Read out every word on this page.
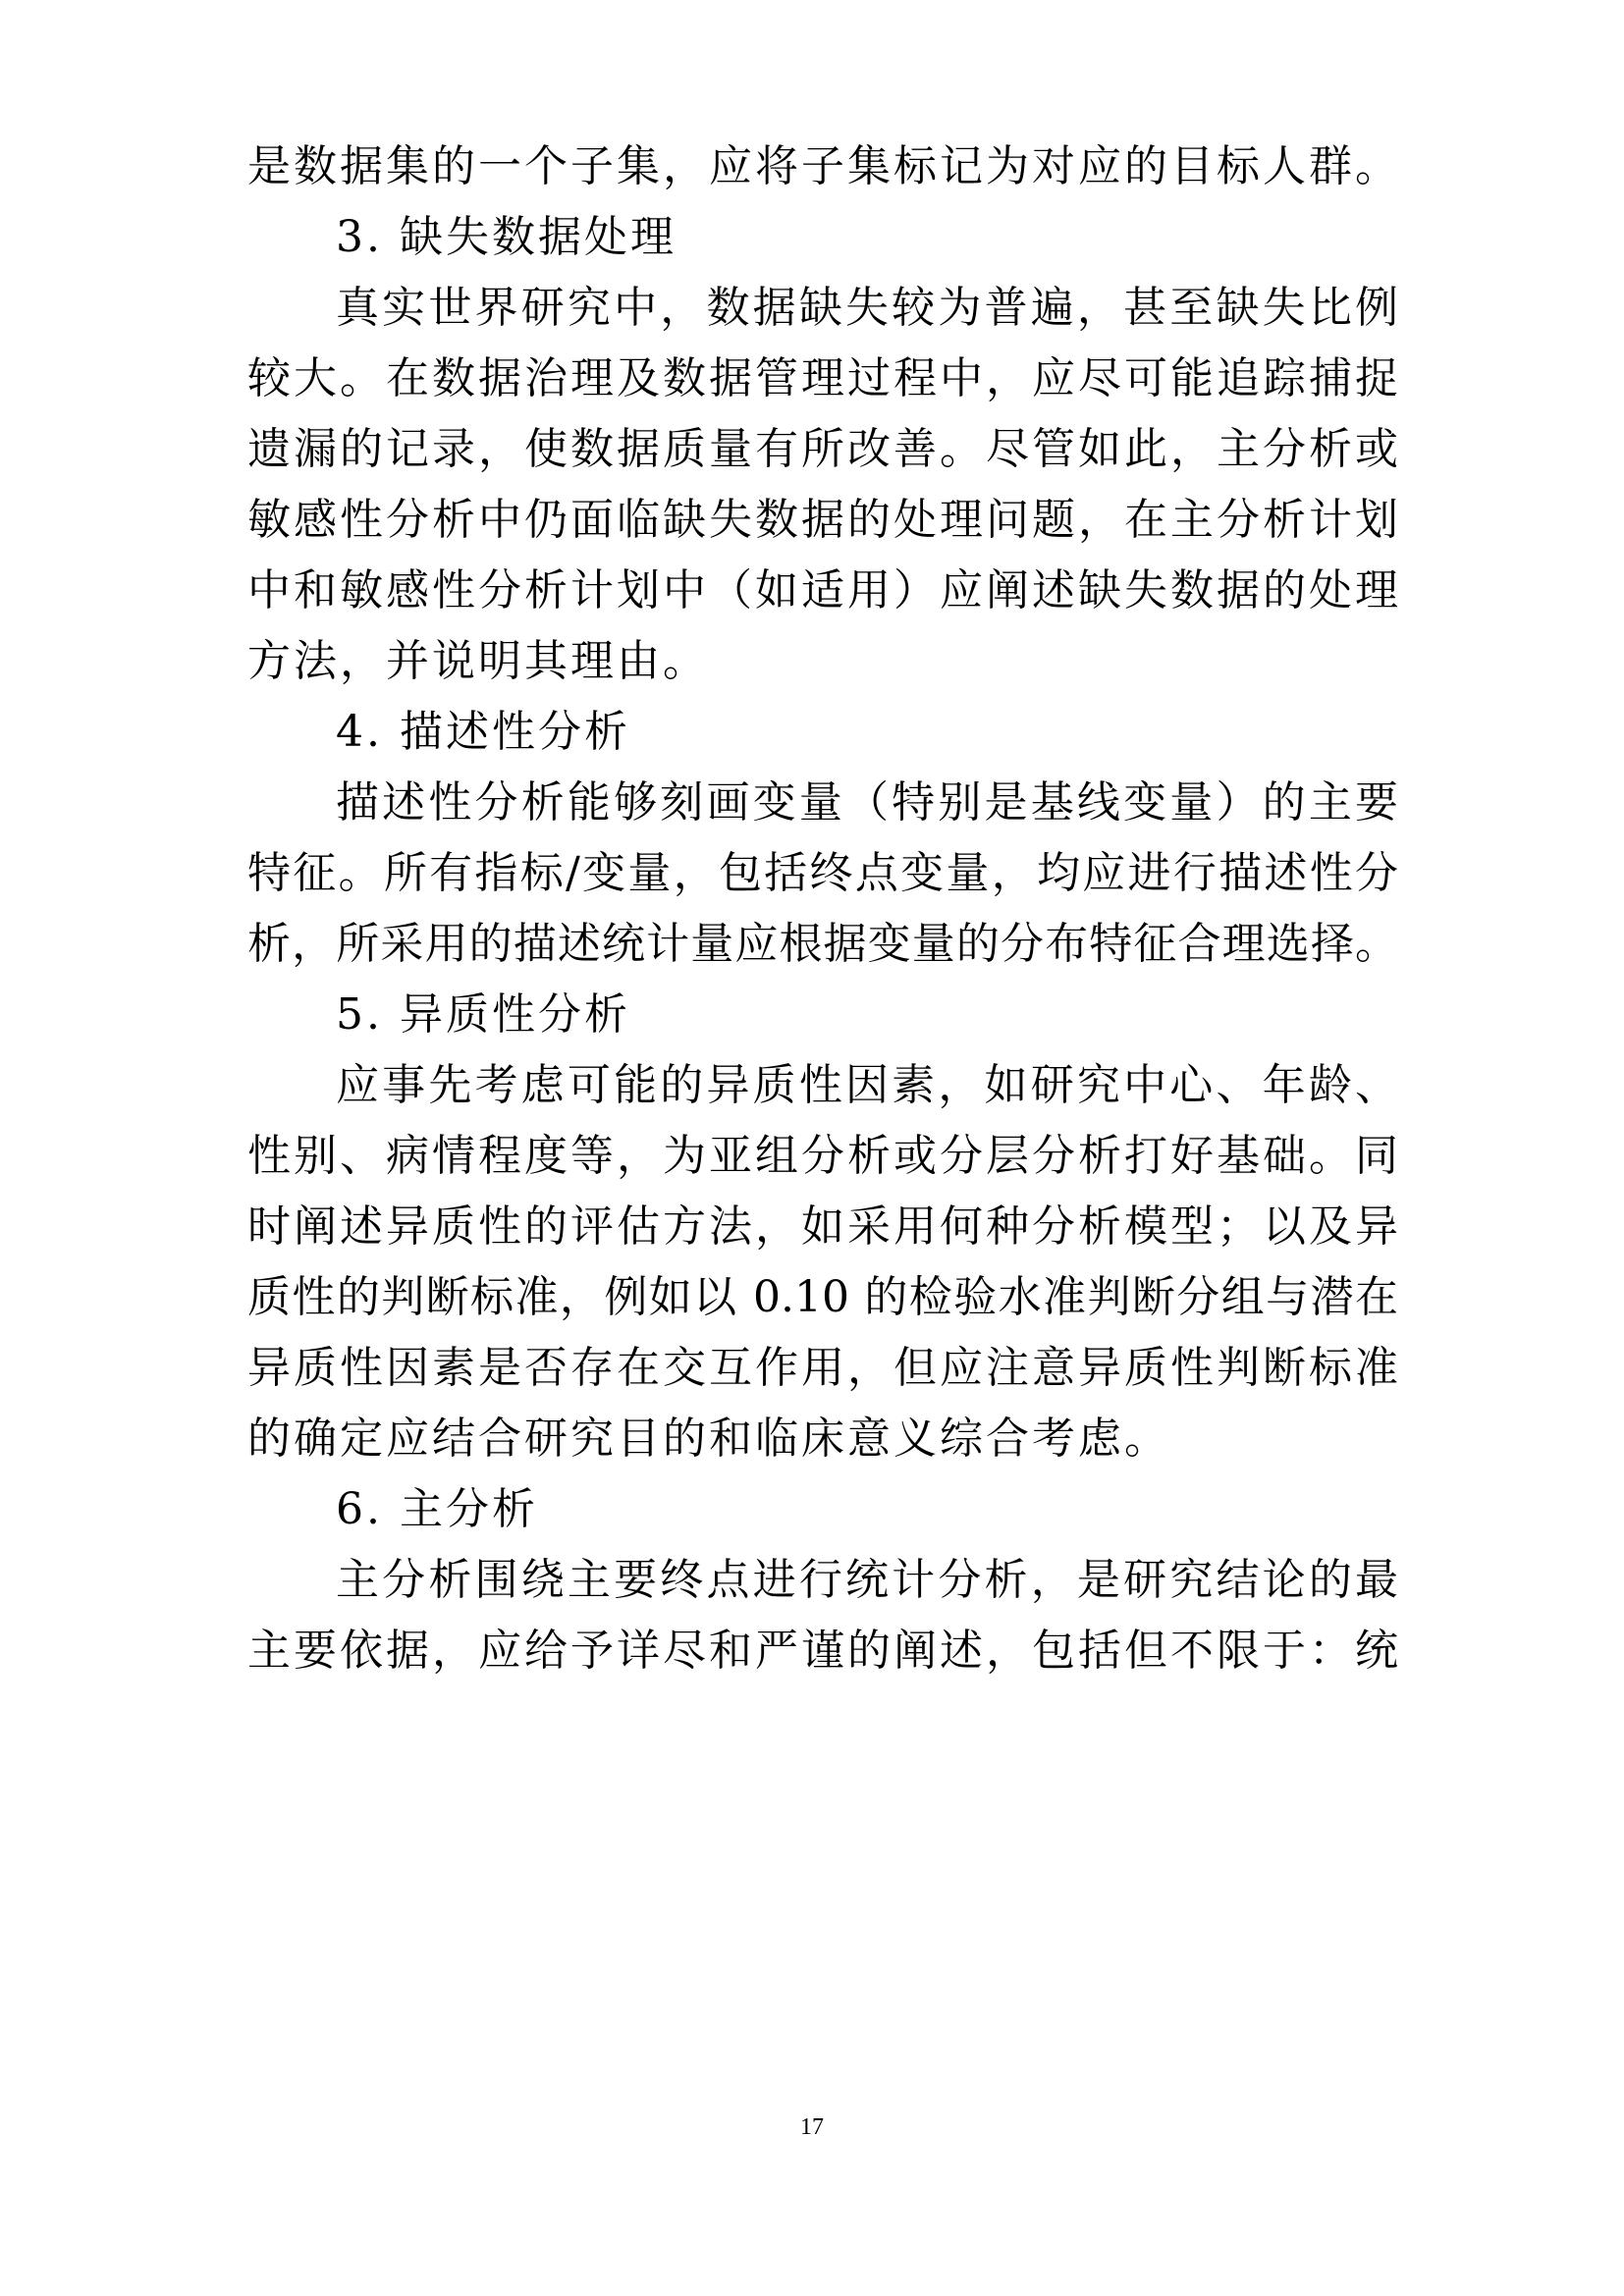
是数据集的一个子集，应将子集标记为对应的目标人群。
3. 缺失数据处理
真实世界研究中，数据缺失较为普遍，甚至缺失比例
较大。在数据治理及数据管理过程中，应尽可能追踪捕捉
遗漏的记录，使数据质量有所改善。尽管如此，主分析或
敏感性分析中仍面临缺失数据的处理问题，在主分析计划
中和敏感性分析计划中（如适用）应阐述缺失数据的处理
方法，并说明其理由。
4. 描述性分析
描述性分析能够刻画变量（特别是基线变量）的主要
特征。所有指标/变量，包括终点变量，均应进行描述性分
析，所采用的描述统计量应根据变量的分布特征合理选择。
5. 异质性分析
应事先考虑可能的异质性因素，如研究中心、年龄、
性别、病情程度等，为亚组分析或分层分析打好基础。同
时阐述异质性的评估方法，如采用何种分析模型；以及异
质性的判断标准，例如以 0.10 的检验水准判断分组与潜在
异质性因素是否存在交互作用，但应注意异质性判断标准
的确定应结合研究目的和临床意义综合考虑。
6. 主分析
主分析围绕主要终点进行统计分析，是研究结论的最
主要依据，应给予详尽和严谨的阐述，包括但不限于：统
17
